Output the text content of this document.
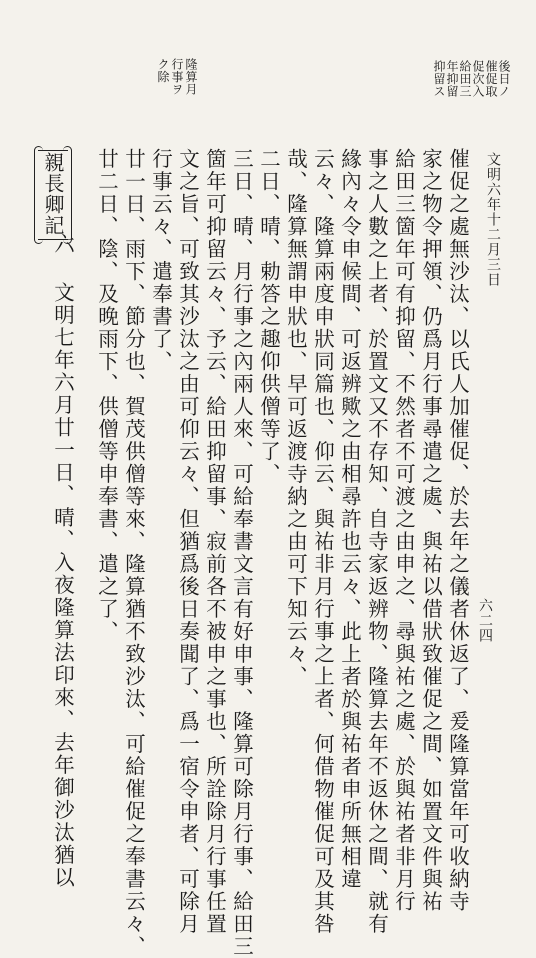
文明六年十二月三日
六二四
後日ノ
催促取
促次入
給田三
年抑留
抑留ス
隆算月
行事ヲ
ク除
催促之處無沙汰、以氏人加催促、於去年之儀者休返了、爰隆算當年可收納寺
家之物令押領、仍爲月行事尋遣之處、與祐以借狀致催促之間、如置文件與祐
給田三箇年可有抑留、不然者不可渡之由申之、尋與祐之處、於與祐者非月行
事之人數之上者、於置文又不存知、自寺家返辨物、隆算去年不返休之間、就有
緣內々令申候間、可返辨歟之由相尋許也云々、此上者於與祐者申所無相違
云々、隆算兩度申狀同篇也、仰云、與祐非月行事之上者、何借物催促可及其咎
哉、隆算無謂申狀也、早可返渡寺納之由可下知云々、
二日、晴、勅答之趣仰供僧等了、
三日、晴、月行事之內兩人來、可給奉書文言有好申事、隆算可除月行事、給田三
箇年可抑留云々、予云、給田抑留事、寂前各不被申之事也、所詮除月行事任置
文之旨、可致其沙汰之由可仰云々、但猶爲後日奏聞了、爲一宿令申者、可除月
行事云々、遣奉書了、
廿一日、雨下、節分也、賀茂供僧等來、隆算猶不致沙汰、可給催促之奉書云々、
廿二日、陰、及晚雨下、供僧等申奉書、遣之了、
六 文明七年六月廿一日、晴、入夜隆算法印來、去年御沙汰猶以
親長卿記
